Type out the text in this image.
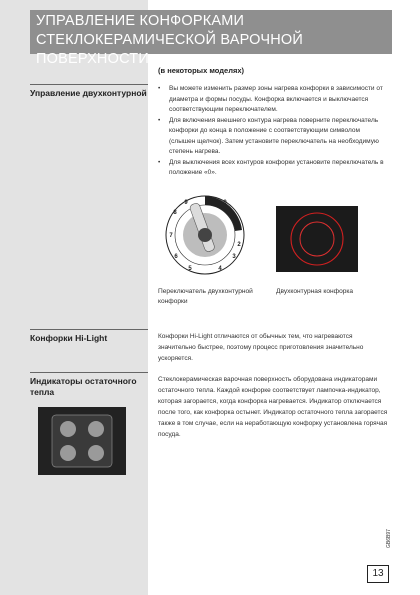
УПРАВЛЕНИЕ КОНФОРКАМИ СТЕКЛОКЕРАМИЧЕСКОЙ ВАРОЧНОЙ ПОВЕРХНОСТИ
(в некоторых моделях)
Управление двухконтурной • Вы можете изменить размер зоны нагрева конфорки в зависимости от диаметра и формы посуды. Конфорка включается и выключается соответствующим переключателем.
• Для включения внешнего контура нагрева поверните переключатель конфорки до конца в положение с соответствующим символом (слышен щелчок). Затем установите переключатель на необходимую степень нагрева.
• Для выключения всех контуров конфорки установите переключатель в положение «0».
9
8
7
6
5	4
3
2
1
0
Переключатель двухконтурной конфорки
Двухконтурная конфорка
Конфорки Hi-Light	Конфорки Hi-Light отличаются от обычных тем, что нагреваются значительно быстрее, поэтому процесс приготовления значительно ускоряется.
Индикаторы остаточного тепла
Стеклокерамическая варочная поверхность оборудована индикаторами остаточного тепла. Каждой конфорке соответствует лампочка-индикатор, которая загорается, когда конфорка нагревается. Индикатор отключается после того, как конфорка остынет. Индикатор остаточного тепла загорается также в том случае, если на неработающую конфорку установлена горячая посуда.
GB6B97
13
